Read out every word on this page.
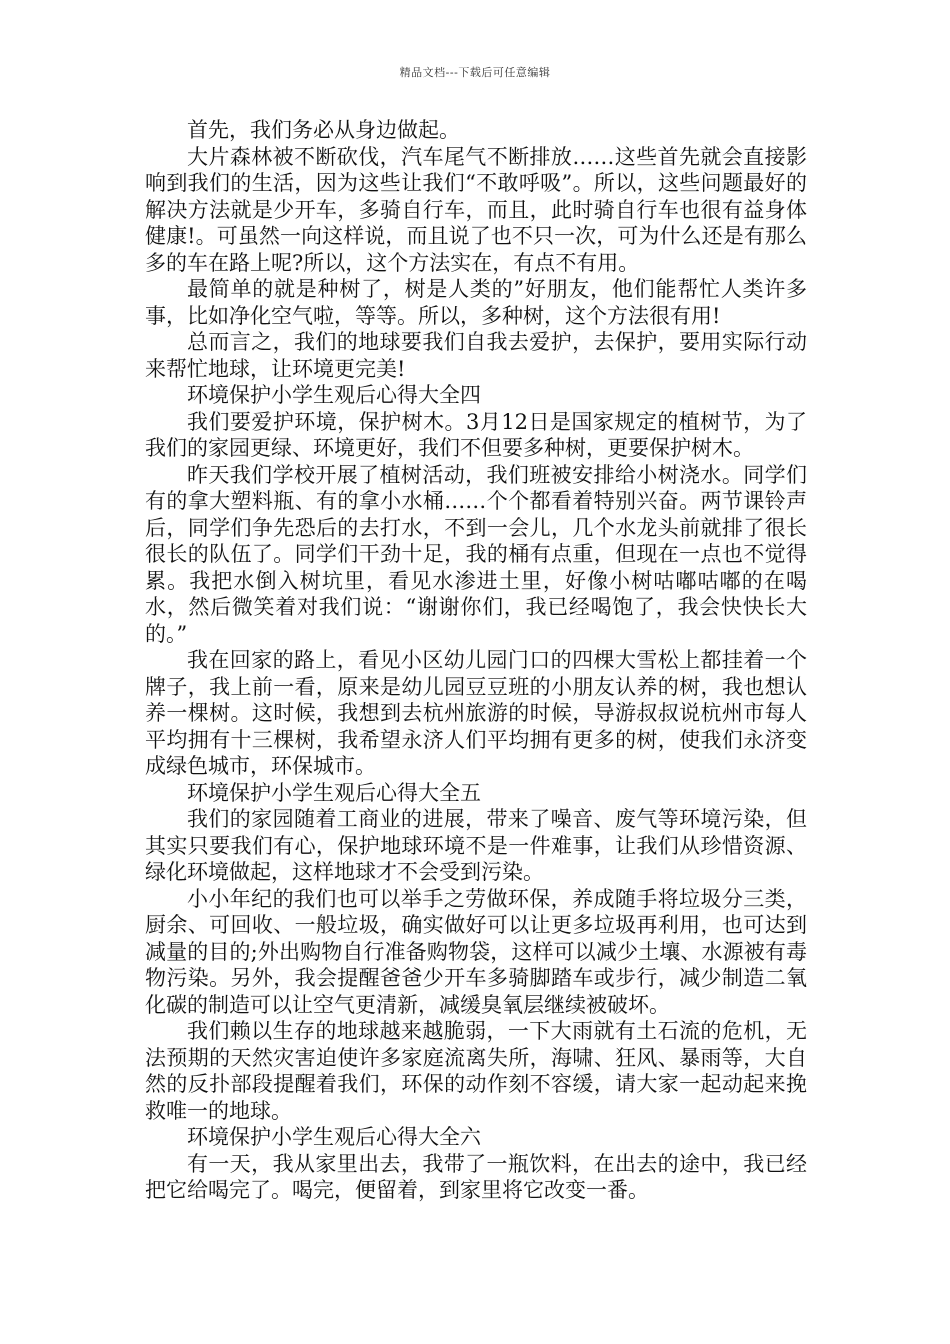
精品文档---下载后可任意编辑

首先，我们务必从身边做起。

大片森林被不断砍伐，汽车尾气不断排放……这些首先就会直接影响到我们的生活，因为这些让我们“不敢呼吸”。所以，这些问题最好的解决方法就是少开车，多骑自行车，而且，此时骑自行车也很有益身体健康!。可虽然一向这样说，而且说了也不只一次，可为什么还是有那么多的车在路上呢?所以，这个方法实在，有点不有用。

最简单的就是种树了，树是人类的”好朋友，他们能帮忙人类许多事，比如净化空气啦，等等。所以，多种树，这个方法很有用!

总而言之，我们的地球要我们自我去爱护，去保护，要用实际行动来帮忙地球，让环境更完美!

环境保护小学生观后心得大全四

我们要爱护环境，保护树木。3月12日是国家规定的植树节，为了我们的家园更绿、环境更好，我们不但要多种树，更要保护树木。

昨天我们学校开展了植树活动，我们班被安排给小树浇水。同学们有的拿大塑料瓶、有的拿小水桶……个个都看着特别兴奋。两节课铃声后，同学们争先恐后的去打水，不到一会儿，几个水龙头前就排了很长很长的队伍了。同学们干劲十足，我的桶有点重，但现在一点也不觉得累。我把水倒入树坑里，看见水渗进土里，好像小树咕嘟咕嘟的在喝水，然后微笑着对我们说：“谢谢你们，我已经喝饱了，我会快快长大的。”

我在回家的路上，看见小区幼儿园门口的四棵大雪松上都挂着一个牌子，我上前一看，原来是幼儿园豆豆班的小朋友认养的树，我也想认养一棵树。这时候，我想到去杭州旅游的时候，导游叔叔说杭州市每人平均拥有十三棵树，我希望永济人们平均拥有更多的树，使我们永济变成绿色城市，环保城市。

环境保护小学生观后心得大全五

我们的家园随着工商业的进展，带来了噪音、废气等环境污染，但其实只要我们有心，保护地球环境不是一件难事，让我们从珍惜资源、绿化环境做起，这样地球才不会受到污染。

小小年纪的我们也可以举手之劳做环保，养成随手将垃圾分三类，厨余、可回收、一般垃圾，确实做好可以让更多垃圾再利用，也可达到减量的目的;外出购物自行准备购物袋，这样可以减少土壤、水源被有毒物污染。另外，我会提醒爸爸少开车多骑脚踏车或步行，减少制造二氧化碳的制造可以让空气更清新，减缓臭氧层继续被破坏。

我们赖以生存的地球越来越脆弱，一下大雨就有土石流的危机，无法预期的天然灾害迫使许多家庭流离失所，海啸、狂风、暴雨等，大自然的反扑部段提醒着我们，环保的动作刻不容缓，请大家一起动起来挽救唯一的地球。

环境保护小学生观后心得大全六

有一天，我从家里出去，我带了一瓶饮料，在出去的途中，我已经把它给喝完了。喝完，便留着，到家里将它改变一番。
